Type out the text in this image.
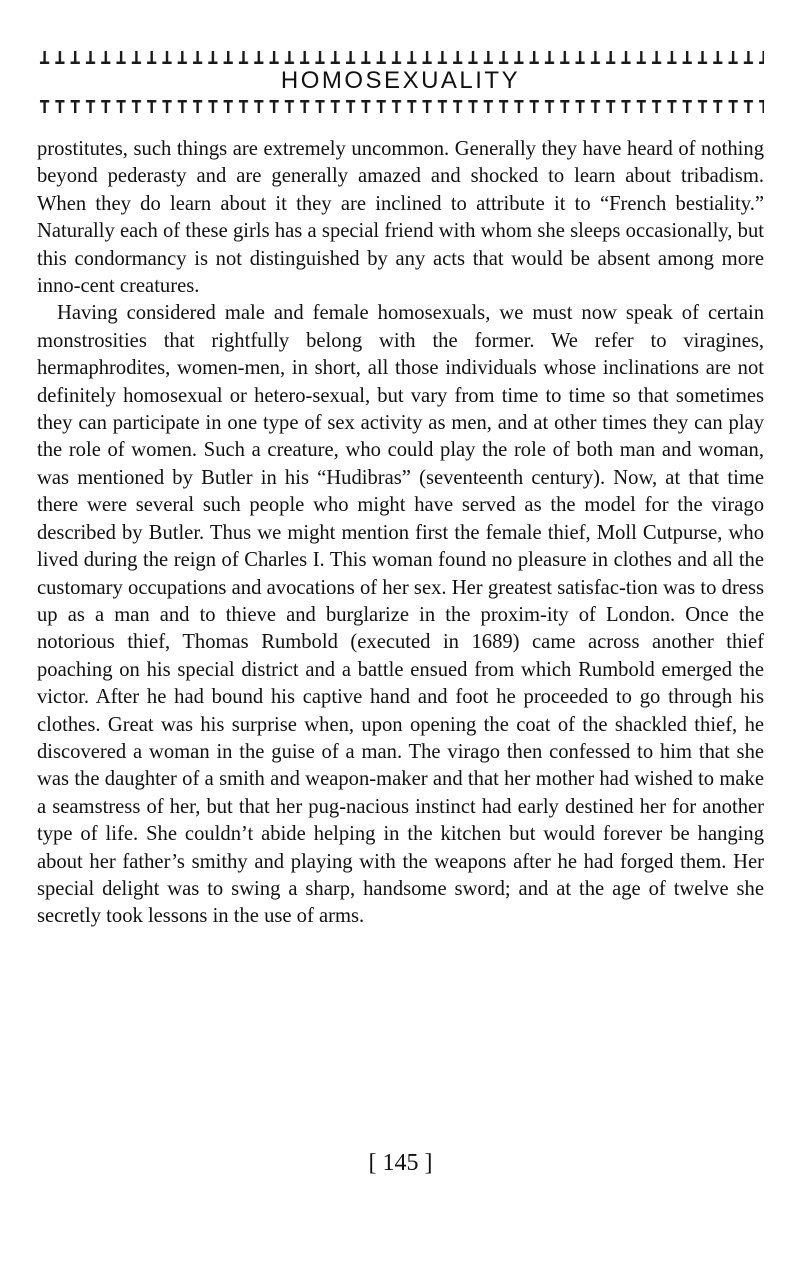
HOMOSEXUALITY

prostitutes, such things are extremely uncommon. Generally they have heard of nothing beyond pederasty and are generally amazed and shocked to learn about tribadism. When they do learn about it they are inclined to attribute it to “French bestiality.” Naturally each of these girls has a special friend with whom she sleeps occasionally, but this condormancy is not distinguished by any acts that would be absent among more inno-cent creatures.

Having considered male and female homosexuals, we must now speak of certain monstrosities that rightfully belong with the former. We refer to viragines, hermaphrodites, women-men, in short, all those individuals whose inclinations are not definitely homosexual or hetero-sexual, but vary from time to time so that sometimes they can participate in one type of sex activity as men, and at other times they can play the role of women. Such a creature, who could play the role of both man and woman, was mentioned by Butler in his “Hudibras” (seventeenth century). Now, at that time there were several such people who might have served as the model for the virago described by Butler. Thus we might mention first the female thief, Moll Cutpurse, who lived during the reign of Charles I. This woman found no pleasure in clothes and all the customary occupations and avocations of her sex. Her greatest satisfac-tion was to dress up as a man and to thieve and burglarize in the proxim-ity of London. Once the notorious thief, Thomas Rumbold (executed in 1689) came across another thief poaching on his special district and a battle ensued from which Rumbold emerged the victor. After he had bound his captive hand and foot he proceeded to go through his clothes. Great was his surprise when, upon opening the coat of the shackled thief, he discovered a woman in the guise of a man. The virago then confessed to him that she was the daughter of a smith and weapon-maker and that her mother had wished to make a seamstress of her, but that her pug-nacious instinct had early destined her for another type of life. She couldn’t abide helping in the kitchen but would forever be hanging about her father’s smithy and playing with the weapons after he had forged them. Her special delight was to swing a sharp, handsome sword; and at the age of twelve she secretly took lessons in the use of arms.

[ 145 ]
